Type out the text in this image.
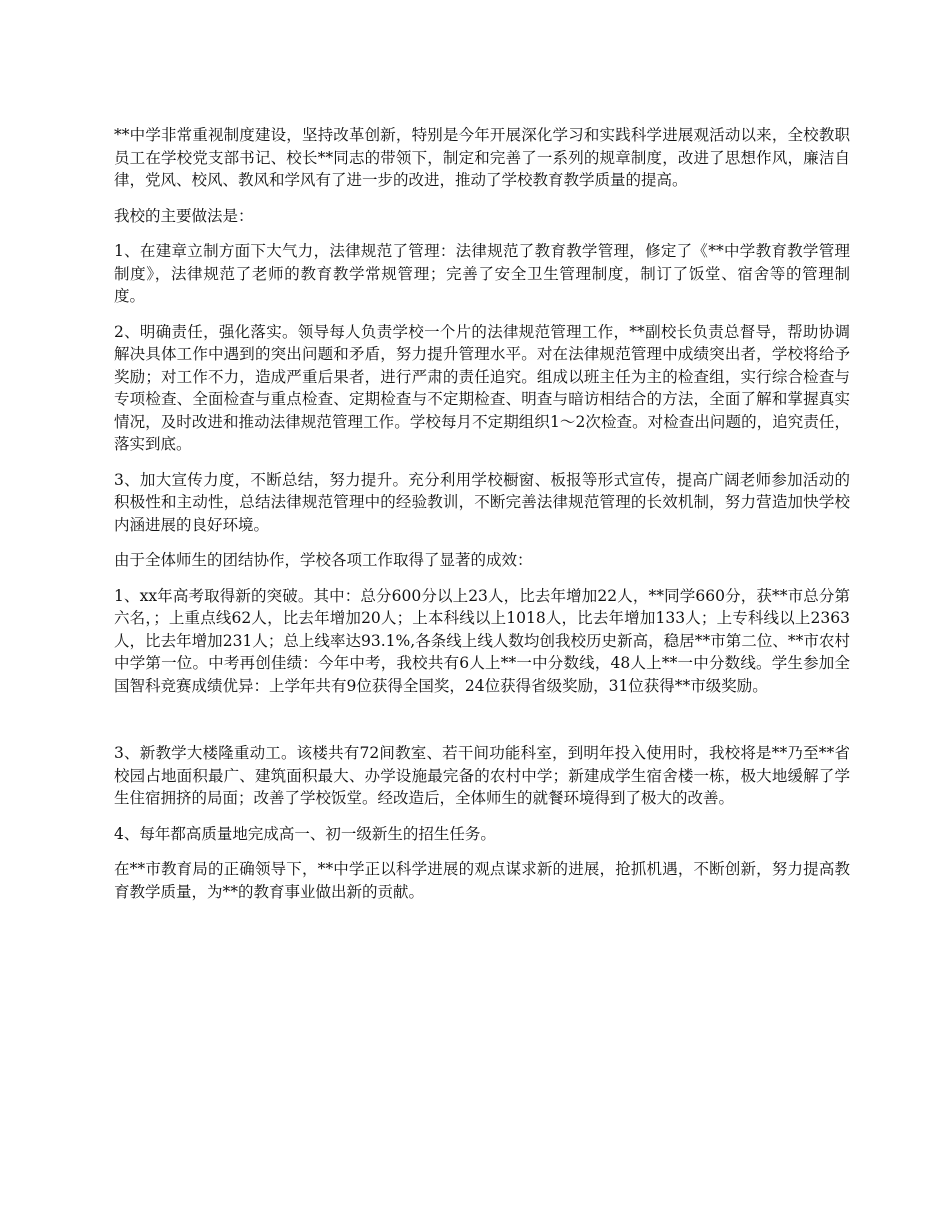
**中学非常重视制度建设，坚持改革创新，特别是今年开展深化学习和实践科学进展观活动以来，全校教职员工在学校党支部书记、校长**同志的带领下，制定和完善了一系列的规章制度，改进了思想作风，廉洁自律，党风、校风、教风和学风有了进一步的改进，推动了学校教育教学质量的提高。

我校的主要做法是：

1、在建章立制方面下大气力，法律规范了管理：法律规范了教育教学管理，修定了《**中学教育教学管理制度》，法律规范了老师的教育教学常规管理；完善了安全卫生管理制度，制订了饭堂、宿舍等的管理制度。

2、明确责任，强化落实。领导每人负责学校一个片的法律规范管理工作，**副校长负责总督导，帮助协调解决具体工作中遇到的突出问题和矛盾，努力提升管理水平。对在法律规范管理中成绩突出者，学校将给予奖励；对工作不力，造成严重后果者，进行严肃的责任追究。组成以班主任为主的检查组，实行综合检查与专项检查、全面检查与重点检查、定期检查与不定期检查、明查与暗访相结合的方法，全面了解和掌握真实情况，及时改进和推动法律规范管理工作。学校每月不定期组织1～2次检查。对检查出问题的，追究责任，落实到底。

3、加大宣传力度，不断总结，努力提升。充分利用学校橱窗、板报等形式宣传，提高广阔老师参加活动的积极性和主动性，总结法律规范管理中的经验教训，不断完善法律规范管理的长效机制，努力营造加快学校内涵进展的良好环境。

由于全体师生的团结协作，学校各项工作取得了显著的成效：

1、xx年高考取得新的突破。其中：总分600分以上23人，比去年增加22人，**同学660分，获**市总分第六名，；上重点线62人，比去年增加20人；上本科线以上1018人，比去年增加133人；上专科线以上2363人，比去年增加231人；总上线率达93.1%,各条线上线人数均创我校历史新高，稳居**市第二位、**市农村中学第一位。中考再创佳绩：今年中考，我校共有6人上**一中分数线，48人上**一中分数线。学生参加全国智科竞赛成绩优异：上学年共有9位获得全国奖，24位获得省级奖励，31位获得**市级奖励。

3、新教学大楼隆重动工。该楼共有72间教室、若干间功能科室，到明年投入使用时，我校将是**乃至**省校园占地面积最广、建筑面积最大、办学设施最完备的农村中学；新建成学生宿舍楼一栋，极大地缓解了学生住宿拥挤的局面；改善了学校饭堂。经改造后，全体师生的就餐环境得到了极大的改善。

4、每年都高质量地完成高一、初一级新生的招生任务。

在**市教育局的正确领导下，**中学正以科学进展的观点谋求新的进展，抢抓机遇，不断创新，努力提高教育教学质量，为**的教育事业做出新的贡献。
